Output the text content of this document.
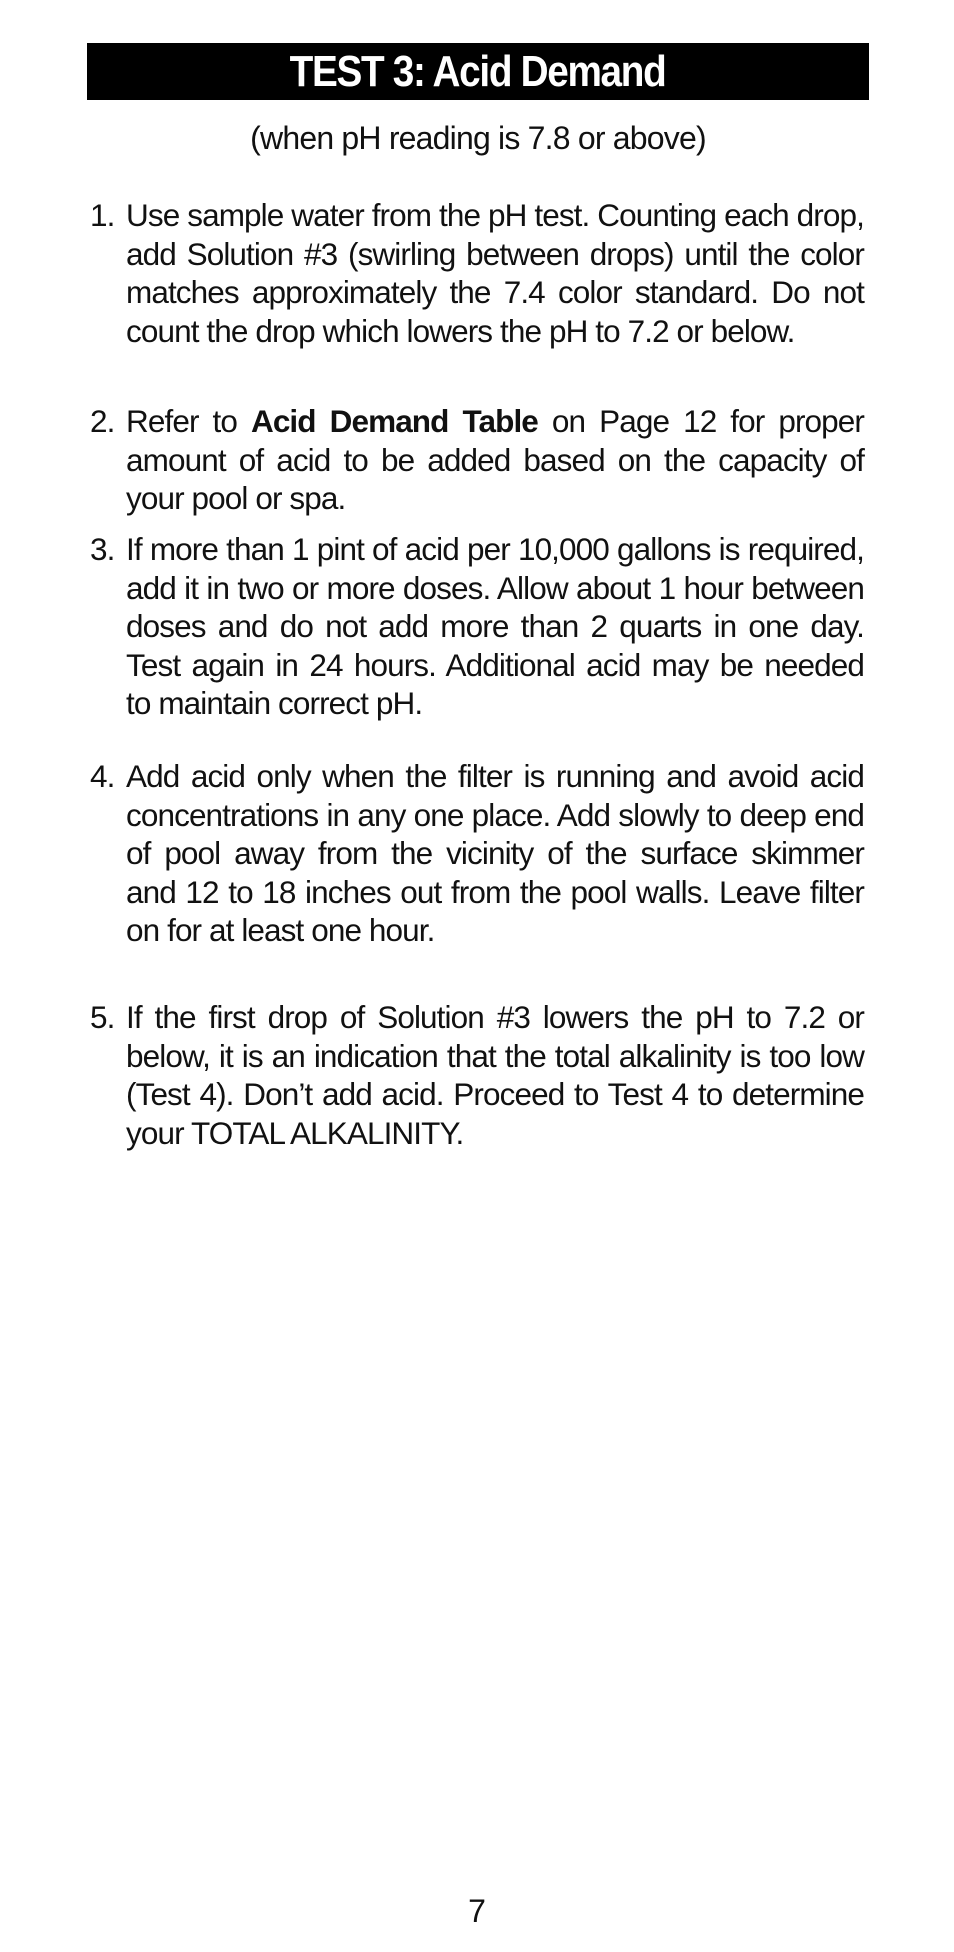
TEST 3: Acid Demand
(when pH reading is 7.8 or above)
1. Use sample water from the pH test. Counting each drop, add Solution #3 (swirling between drops) until the color matches approximately the 7.4 color standard. Do not count the drop which lowers the pH to 7.2 or below.
2. Refer to Acid Demand Table on Page 12 for proper amount of acid to be added based on the capacity of your pool or spa.
3. If more than 1 pint of acid per 10,000 gallons is required, add it in two or more doses. Allow about 1 hour between doses and do not add more than 2 quarts in one day. Test again in 24 hours. Additional acid may be needed to maintain correct pH.
4. Add acid only when the filter is running and avoid acid concentrations in any one place. Add slowly to deep end of pool away from the vicinity of the surface skimmer and 12 to 18 inches out from the pool walls. Leave filter on for at least one hour.
5. If the first drop of Solution #3 lowers the pH to 7.2 or below, it is an indication that the total alkalinity is too low (Test 4). Don’t add acid. Proceed to Test 4 to determine your TOTAL ALKALINITY.
7
